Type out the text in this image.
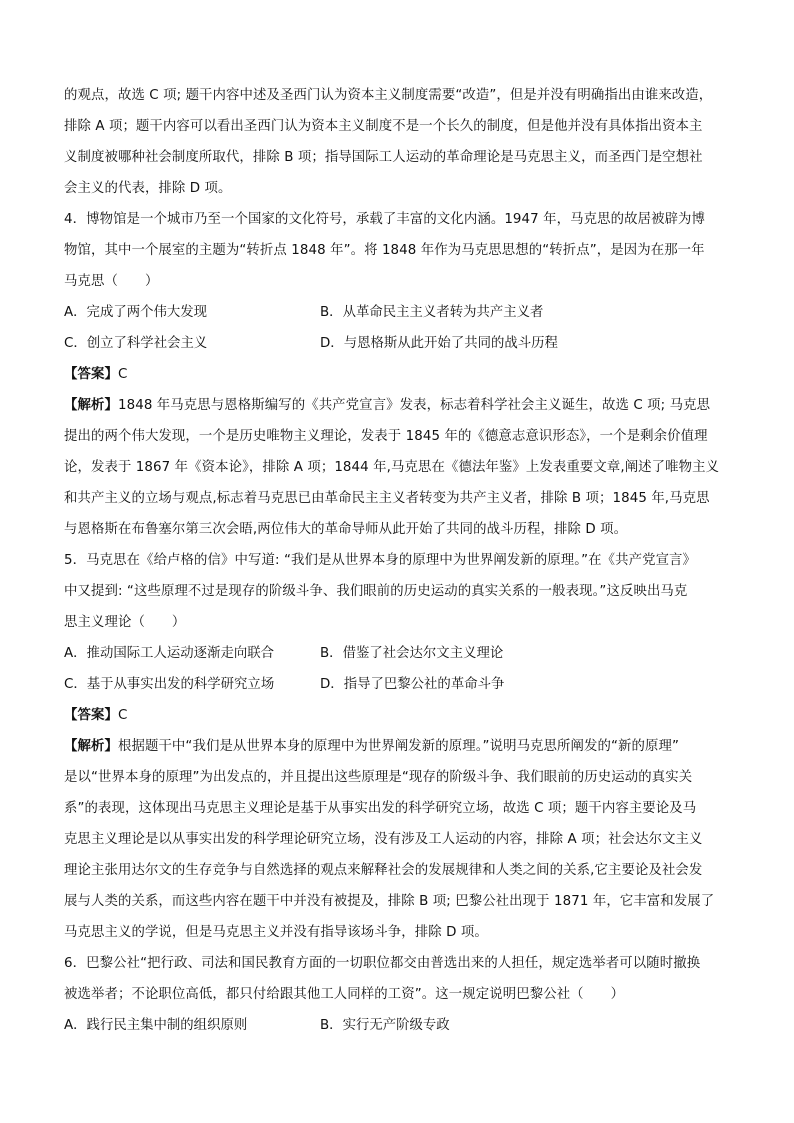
的观点，故选 C 项; 题干内容中述及圣西门认为资本主义制度需要“改造”，但是并没有明确指出由谁来改造，
排除 A 项；题干内容可以看出圣西门认为资本主义制度不是一个长久的制度，但是他并没有具体指出资本主
义制度被哪种社会制度所取代，排除 B 项；指导国际工人运动的革命理论是马克思主义，而圣西门是空想社
会主义的代表，排除 D 项。
4．博物馆是一个城市乃至一个国家的文化符号，承载了丰富的文化内涵。1947 年，马克思的故居被辟为博
物馆，其中一个展室的主题为“转折点 1848 年”。将 1848 年作为马克思思想的“转折点”，是因为在那一年
马克思（　　）
A．完成了两个伟大发现	B．从革命民主主义者转为共产主义者
C．创立了科学社会主义	D．与恩格斯从此开始了共同的战斗历程
【答案】C
【解析】1848 年马克思与恩格斯编写的《共产党宣言》发表，标志着科学社会主义诞生，故选 C 项; 马克思
提出的两个伟大发现，一个是历史唯物主义理论，发表于 1845 年的《德意志意识形态》，一个是剩余价值理
论，发表于 1867 年《资本论》，排除 A 项；1844 年,马克思在《德法年鉴》上发表重要文章,阐述了唯物主义
和共产主义的立场与观点,标志着马克思已由革命民主主义者转变为共产主义者，排除 B 项；1845 年,马克思
与恩格斯在布鲁塞尔第三次会晤,两位伟大的革命导师从此开始了共同的战斗历程，排除 D 项。
5．马克思在《给卢格的信》中写道: “我们是从世界本身的原理中为世界阐发新的原理。”在《共产党宣言》
中又提到: “这些原理不过是现存的阶级斗争、我们眼前的历史运动的真实关系的一般表现。”这反映出马克
思主义理论（　　）
A．推动国际工人运动逐渐走向联合	B．借鉴了社会达尔文主义理论
C．基于从事实出发的科学研究立场	D．指导了巴黎公社的革命斗争
【答案】C
【解析】根据题干中“我们是从世界本身的原理中为世界阐发新的原理。”说明马克思所阐发的“新的原理”
是以“世界本身的原理”为出发点的，并且提出这些原理是“现存的阶级斗争、我们眼前的历史运动的真实关
系”的表现，这体现出马克思主义理论是基于从事实出发的科学研究立场，故选 C 项；题干内容主要论及马
克思主义理论是以从事实出发的科学理论研究立场，没有涉及工人运动的内容，排除 A 项；社会达尔文主义
理论主张用达尔文的生存竞争与自然选择的观点来解释社会的发展规律和人类之间的关系,它主要论及社会发
展与人类的关系，而这些内容在题干中并没有被提及，排除 B 项; 巴黎公社出现于 1871 年，它丰富和发展了
马克思主义的学说，但是马克思主义并没有指导该场斗争，排除 D 项。
6．巴黎公社“把行政、司法和国民教育方面的一切职位都交由普选出来的人担任，规定选举者可以随时撤换
被选举者；不论职位高低，都只付给跟其他工人同样的工资”。这一规定说明巴黎公社（　　）
A．践行民主集中制的组织原则	B．实行无产阶级专政
